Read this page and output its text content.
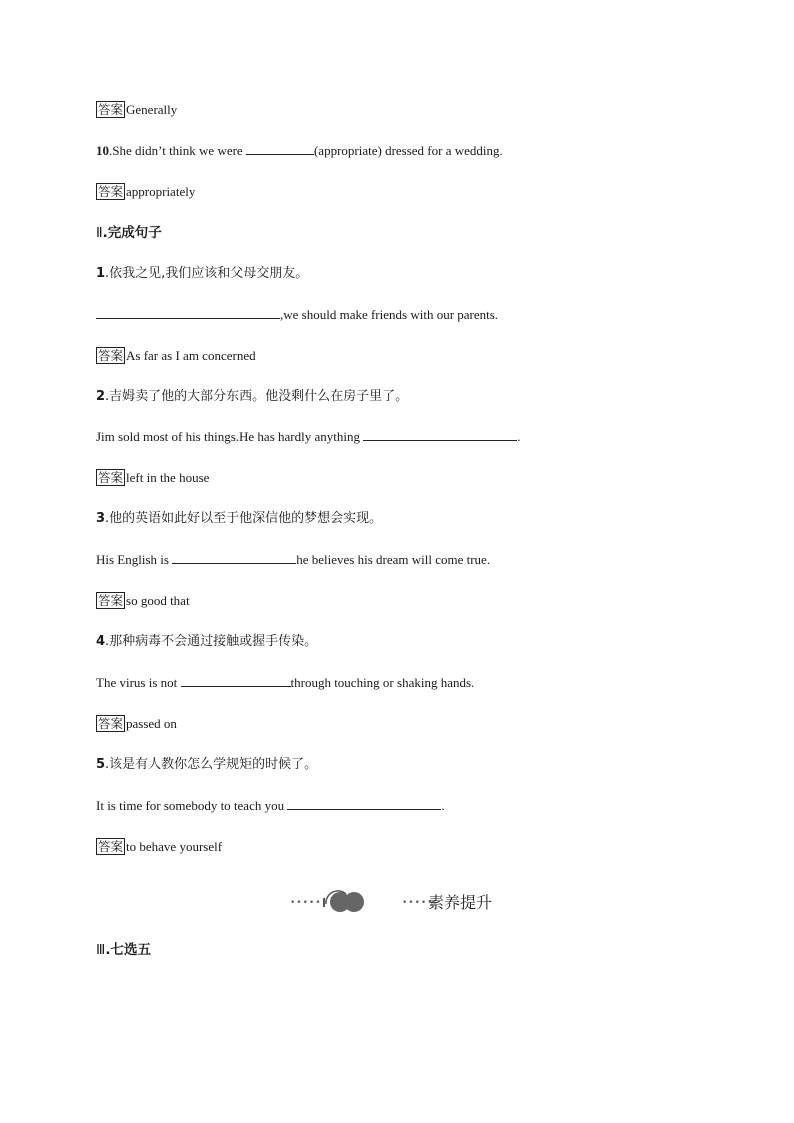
答案 Generally
10.She didn’t think we were	(appropriate) dressed for a wedding.
答案 appropriately
Ⅱ.完成句子
1.依我之见,我们应该和父母交朋友。
,we should make friends with our parents.
答案 As far as I am concerned
2.吉姆卖了他的大部分东西。他没剩什么在房子里了。
Jim sold most of his things.He has hardly anything	.
答案 left in the house
3.他的英语如此好以至于他深信他的梦想会实现。
His English is	he believes his dream will come true.
答案 so good that
4.那种病毒不会通过接触或握手传染。
The virus is not	through touching or shaking hands.
答案 passed on
5.该是有人教你怎么学规矩的时候了。
It is time for somebody to teach you	.
答案 to behave yourself
•••••	•••••
素养提升
Ⅲ.七选五
